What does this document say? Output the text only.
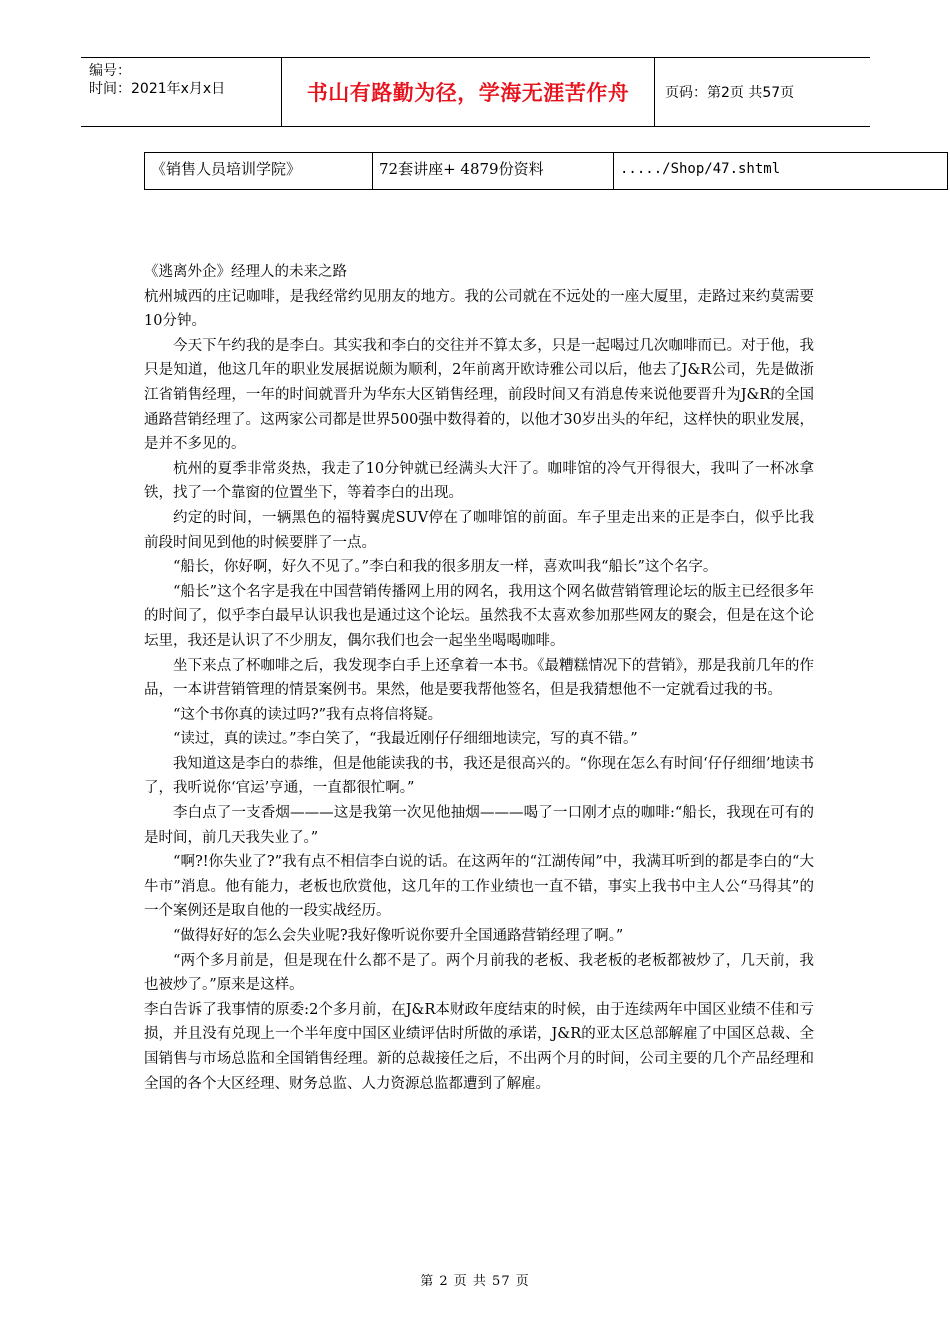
编号：
时间：2021年x月x日	书山有路勤为径，学海无涯苦作舟	页码：第2页 共57页
《销售人员培训学院》	72套讲座+ 4879份资料	...../Shop/47.shtml

《逃离外企》经理人的未来之路

杭州城西的庄记咖啡，是我经常约见朋友的地方。我的公司就在不远处的一座大厦里，走路过来约莫需要10分钟。

今天下午约我的是李白。其实我和李白的交往并不算太多，只是一起喝过几次咖啡而已。对于他，我只是知道，他这几年的职业发展据说颇为顺利，2年前离开欧诗雅公司以后，他去了J&R公司，先是做浙江省销售经理，一年的时间就晋升为华东大区销售经理，前段时间又有消息传来说他要晋升为J&R的全国通路营销经理了。这两家公司都是世界500强中数得着的，以他才30岁出头的年纪，这样快的职业发展，是并不多见的。

杭州的夏季非常炎热，我走了10分钟就已经满头大汗了。咖啡馆的冷气开得很大，我叫了一杯冰拿铁，找了一个靠窗的位置坐下，等着李白的出现。

约定的时间，一辆黑色的福特翼虎SUV停在了咖啡馆的前面。车子里走出来的正是李白，似乎比我前段时间见到他的时候要胖了一点。

“船长，你好啊，好久不见了。”李白和我的很多朋友一样，喜欢叫我“船长”这个名字。

“船长”这个名字是我在中国营销传播网上用的网名，我用这个网名做营销管理论坛的版主已经很多年的时间了，似乎李白最早认识我也是通过这个论坛。虽然我不太喜欢参加那些网友的聚会，但是在这个论坛里，我还是认识了不少朋友，偶尔我们也会一起坐坐喝喝咖啡。

坐下来点了杯咖啡之后，我发现李白手上还拿着一本书。《最糟糕情况下的营销》，那是我前几年的作品，一本讲营销管理的情景案例书。果然，他是要我帮他签名，但是我猜想他不一定就看过我的书。

“这个书你真的读过吗?”我有点将信将疑。

“读过，真的读过。”李白笑了，“我最近刚仔仔细细地读完，写的真不错。”

我知道这是李白的恭维，但是他能读我的书，我还是很高兴的。“你现在怎么有时间‘仔仔细细’地读书了，我听说你‘官运’亨通，一直都很忙啊。”

李白点了一支香烟———这是我第一次见他抽烟———喝了一口刚才点的咖啡:“船长，我现在可有的是时间，前几天我失业了。”

“啊?!你失业了?”我有点不相信李白说的话。在这两年的“江湖传闻”中，我满耳听到的都是李白的“大牛市”消息。他有能力，老板也欣赏他，这几年的工作业绩也一直不错，事实上我书中主人公“马得其”的一个案例还是取自他的一段实战经历。

“做得好好的怎么会失业呢?我好像听说你要升全国通路营销经理了啊。”

“两个多月前是，但是现在什么都不是了。两个月前我的老板、我老板的老板都被炒了，几天前，我也被炒了。”原来是这样。

李白告诉了我事情的原委:2个多月前，在J&R本财政年度结束的时候，由于连续两年中国区业绩不佳和亏损，并且没有兑现上一个半年度中国区业绩评估时所做的承诺，J&R的亚太区总部解雇了中国区总裁、全国销售与市场总监和全国销售经理。新的总裁接任之后，不出两个月的时间，公司主要的几个产品经理和全国的各个大区经理、财务总监、人力资源总监都遭到了解雇。

第 2 页 共 57 页
